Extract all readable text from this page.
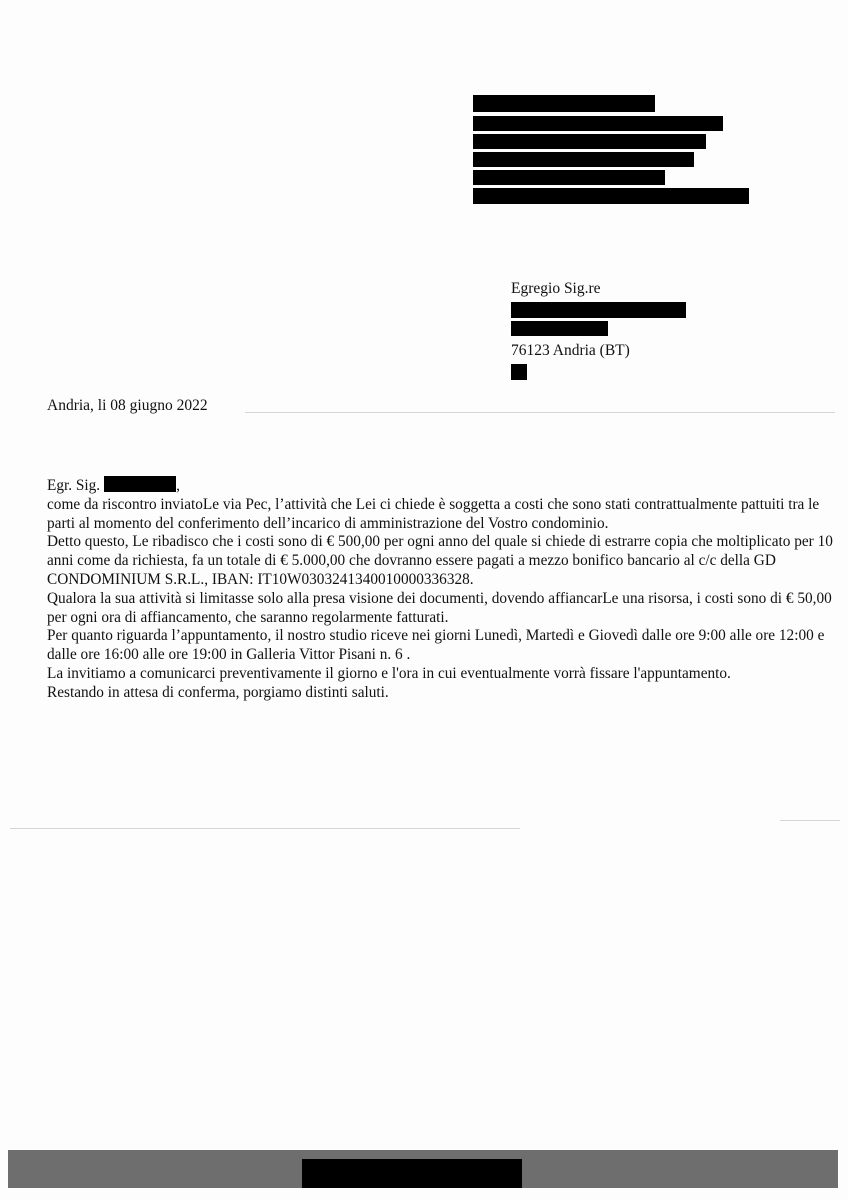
Egregio Sig.re
76123 Andria (BT)
Andria, li 08 giugno 2022

Egr. Sig.	,

come da riscontro inviatoLe via Pec, l’attività che Lei ci chiede è soggetta a costi che sono stati contrattualmente pattuiti tra le parti al momento del conferimento dell’incarico di amministrazione del Vostro condominio.

Detto questo, Le ribadisco che i costi sono di € 500,00 per ogni anno del quale si chiede di estrarre copia che moltiplicato per 10 anni come da richiesta, fa un totale di € 5.000,00 che dovranno essere pagati a mezzo bonifico bancario al c/c della GD CONDOMINIUM S.R.L., IBAN: IT10W0303241340010000336328.

Qualora la sua attività si limitasse solo alla presa visione dei documenti, dovendo affiancarLe una risorsa, i costi sono di € 50,00 per ogni ora di affiancamento, che saranno regolarmente fatturati.

Per quanto riguarda l’appuntamento, il nostro studio riceve nei giorni Lunedì, Martedì e Giovedì dalle ore 9:00 alle ore 12:00 e dalle ore 16:00 alle ore 19:00 in Galleria Vittor Pisani n. 6 .

La invitiamo a comunicarci preventivamente il giorno e l'ora in cui eventualmente vorrà fissare l'appuntamento.

Restando in attesa di conferma, porgiamo distinti saluti.
